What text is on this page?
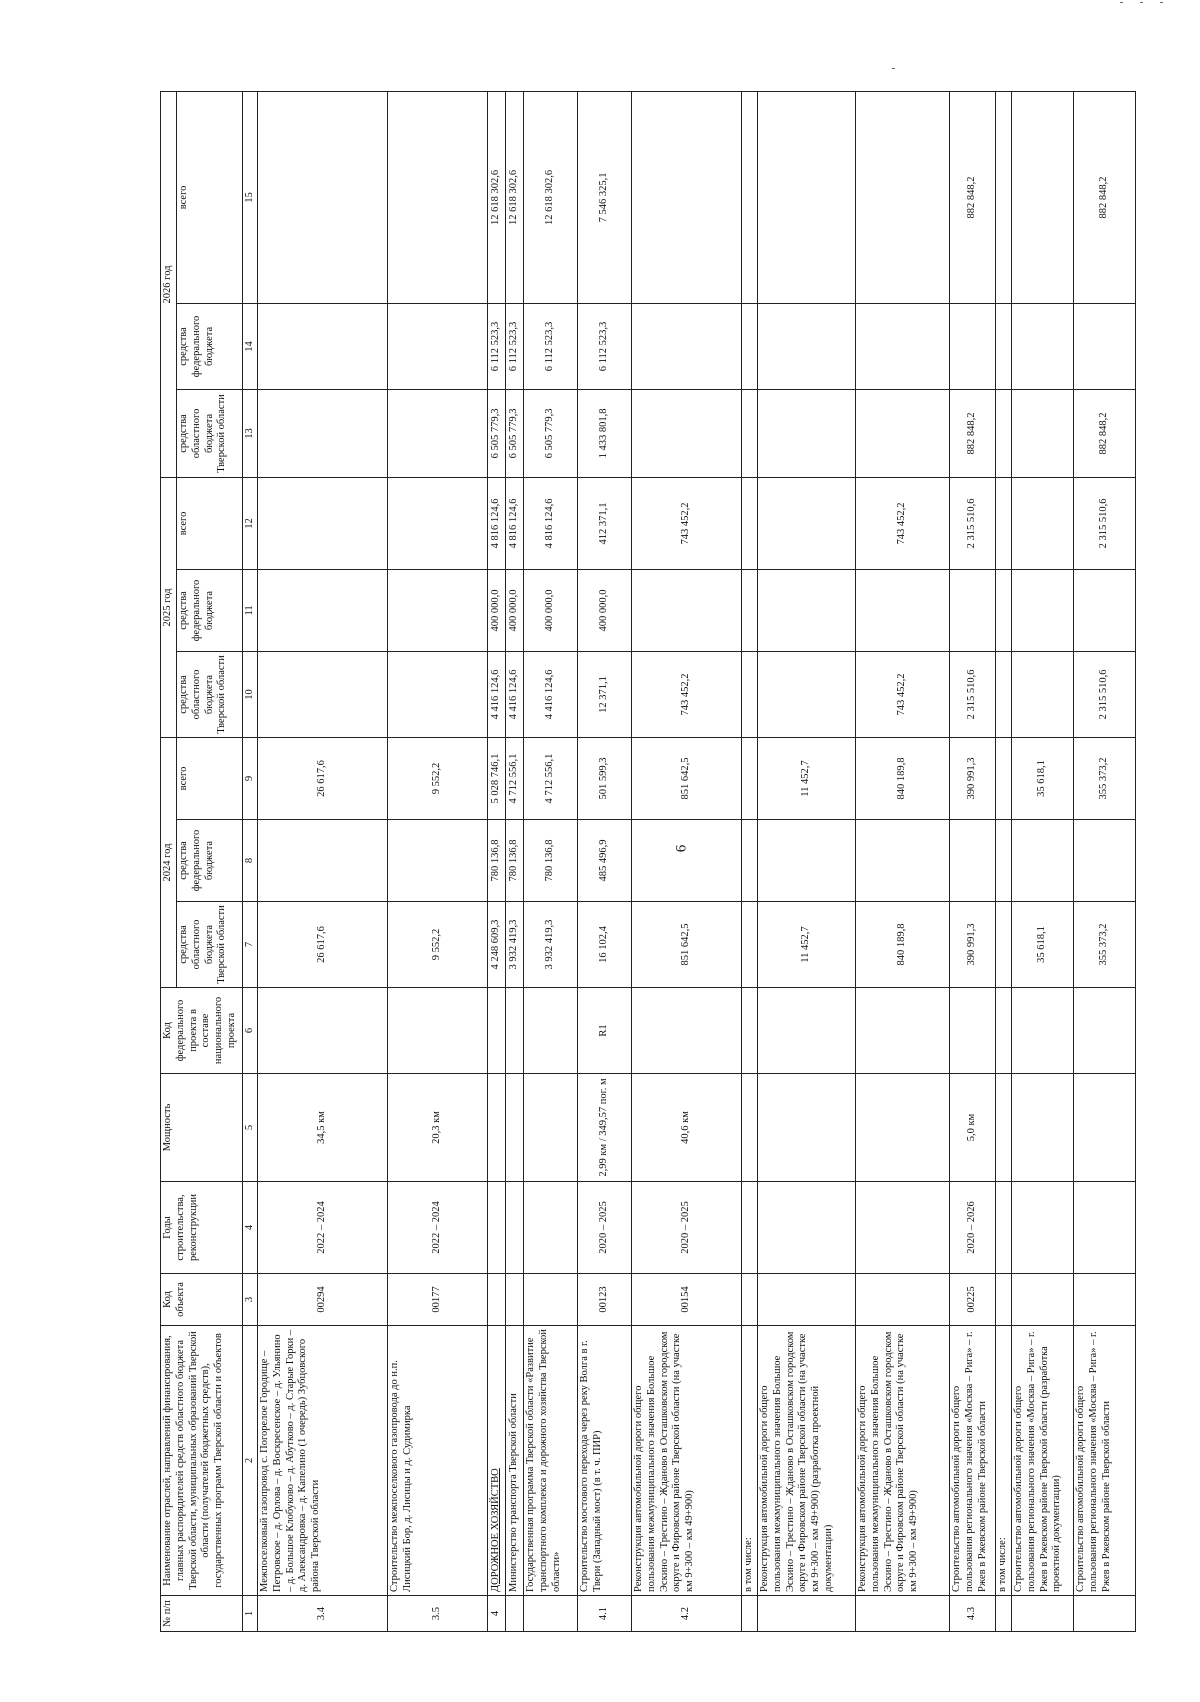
6
№ п/п	Наименование отраслей, направлений финансирования, главных распорядителей средств областного бюджета Тверской области, муниципальных образований Тверской области (получателей бюджетных средств), государственных программ Тверской области и объектов	Код объекта	Годы строительства, реконструкции	Мощность	Код федерального проекта в составе национального проекта	2024 год			2025 год			2026 год		
						средства областного бюджета Тверской области	средства федерального бюджета	всего	средства областного бюджета Тверской области	средства федерального бюджета	всего	средства областного бюджета Тверской области	средства федерального бюджета	всего
1	2	3	4	5	6	7	8	9	10	11	12	13	14	15
3.4	Межпоселковый газопровод с. Погорелое Городище – Петровское – д. Орлова – д. Воскресенское – д. Ульянино – д. Большое Клобуково – д. Абутково – д. Старые Горки – д. Александровка – д. Капелино (1 очередь) Зубцовского района Тверской области	00294	2022 – 2024	34,5 км		26 617,6		26 617,6						
3.5	Строительство межпоселкового газопровода до н.п. Лисицкий Бор, д. Лисицы и д. Судимирка	00177	2022 – 2024	20,3 км		9 552,2		9 552,2						
4	ДОРОЖНОЕ ХОЗЯЙСТВО					4 248 609,3	780 136,8	5 028 746,1	4 416 124,6	400 000,0	4 816 124,6	6 505 779,3	6 112 523,3	12 618 302,6
	Министерство транспорта Тверской области					3 932 419,3	780 136,8	4 712 556,1	4 416 124,6	400 000,0	4 816 124,6	6 505 779,3	6 112 523,3	12 618 302,6
	Государственная программа Тверской области «Развитие транспортного комплекса и дорожного хозяйства Тверской области»					3 932 419,3	780 136,8	4 712 556,1	4 416 124,6	400 000,0	4 816 124,6	6 505 779,3	6 112 523,3	12 618 302,6
4.1	Строительство мостового перехода через реку Волга в г. Твери (Западный мост) (в т. ч. ПИР)	00123	2020 – 2025	2,99 км / 349,57 пог. м	R1	16 102,4	485 496,9	501 599,3	12 371,1	400 000,0	412 371,1	1 433 801,8	6 112 523,3	7 546 325,1
4.2	Реконструкция автомобильной дороги общего пользования межмуниципального значения Большое Эскино – Трестино – Жданово в Осташковском городском округе и Фировском районе Тверской области (на участке км 9+300 – км 49+900)	00154	2020 – 2025	40,6 км		851 642,5		851 642,5	743 452,2		743 452,2			
	в том числе:													
	Реконструкция автомобильной дороги общего пользования межмуниципального значения Большое Эскино – Трестино – Жданово в Осташковском городском округе и Фировском районе Тверской области (на участке км 9+300 – км 49+900) (разработка проектной документации)					11 452,7		11 452,7						
	Реконструкция автомобильной дороги общего пользования межмуниципального значения Большое Эскино – Трестино – Жданово в Осташковском городском округе и Фировском районе Тверской области (на участке км 9+300 – км 49+900)					840 189,8		840 189,8	743 452,2		743 452,2			
4.3	Строительство автомобильной дороги общего пользования регионального значения «Москва – Рига» – г. Ржев в Ржевском районе Тверской области	00225	2020 – 2026	5,0 км		390 991,3		390 991,3	2 315 510,6		2 315 510,6	882 848,2		882 848,2
	в том числе:													
	Строительство автомобильной дороги общего пользования регионального значения «Москва – Рига» – г. Ржев в Ржевском районе Тверской области (разработка проектной документации)					35 618,1		35 618,1						
	Строительство автомобильной дороги общего пользования регионального значения «Москва – Рига» – г. Ржев в Ржевском районе Тверской области					355 373,2		355 373,2	2 315 510,6		2 315 510,6	882 848,2		882 848,2
